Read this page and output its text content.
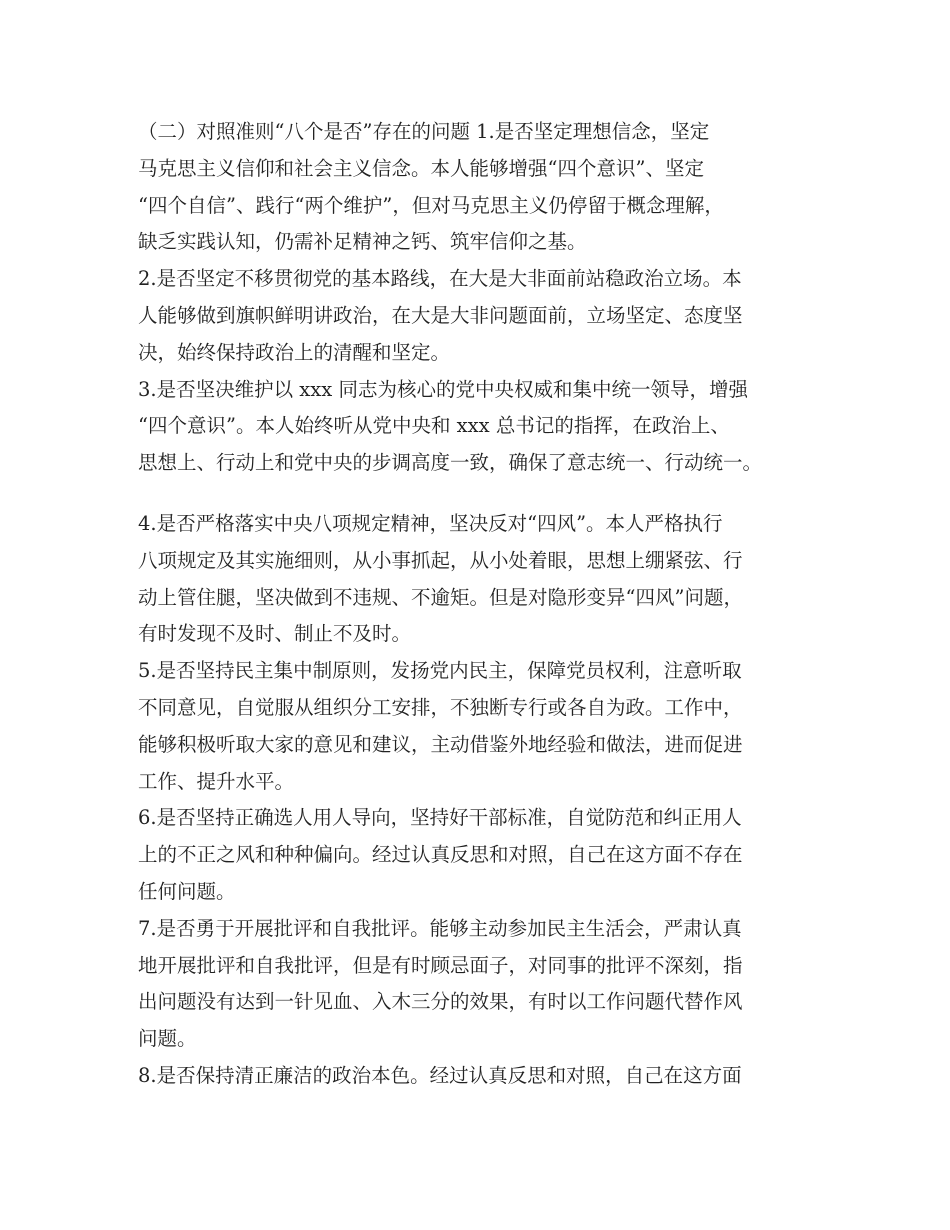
（二）对照准则“八个是否”存在的问题 1.是否坚定理想信念，坚定
马克思主义信仰和社会主义信念。本人能够增强“四个意识”、坚定
“四个自信”、践行“两个维护”，但对马克思主义仍停留于概念理解，
缺乏实践认知，仍需补足精神之钙、筑牢信仰之基。
2.是否坚定不移贯彻党的基本路线，在大是大非面前站稳政治立场。本
人能够做到旗帜鲜明讲政治，在大是大非问题面前，立场坚定、态度坚
决，始终保持政治上的清醒和坚定。
3.是否坚决维护以 xxx 同志为核心的党中央权威和集中统一领导，增强
“四个意识”。本人始终听从党中央和 xxx 总书记的指挥，在政治上、
思想上、行动上和党中央的步调高度一致，确保了意志统一、行动统一。
4.是否严格落实中央八项规定精神，坚决反对“四风”。本人严格执行
八项规定及其实施细则，从小事抓起，从小处着眼，思想上绷紧弦、行
动上管住腿，坚决做到不违规、不逾矩。但是对隐形变异“四风”问题，
有时发现不及时、制止不及时。
5.是否坚持民主集中制原则，发扬党内民主，保障党员权利，注意听取
不同意见，自觉服从组织分工安排，不独断专行或各自为政。工作中，
能够积极听取大家的意见和建议，主动借鉴外地经验和做法，进而促进
工作、提升水平。
6.是否坚持正确选人用人导向，坚持好干部标准，自觉防范和纠正用人
上的不正之风和种种偏向。经过认真反思和对照，自己在这方面不存在
任何问题。
7.是否勇于开展批评和自我批评。能够主动参加民主生活会，严肃认真
地开展批评和自我批评，但是有时顾忌面子，对同事的批评不深刻，指
出问题没有达到一针见血、入木三分的效果，有时以工作问题代替作风
问题。
8.是否保持清正廉洁的政治本色。经过认真反思和对照，自己在这方面
